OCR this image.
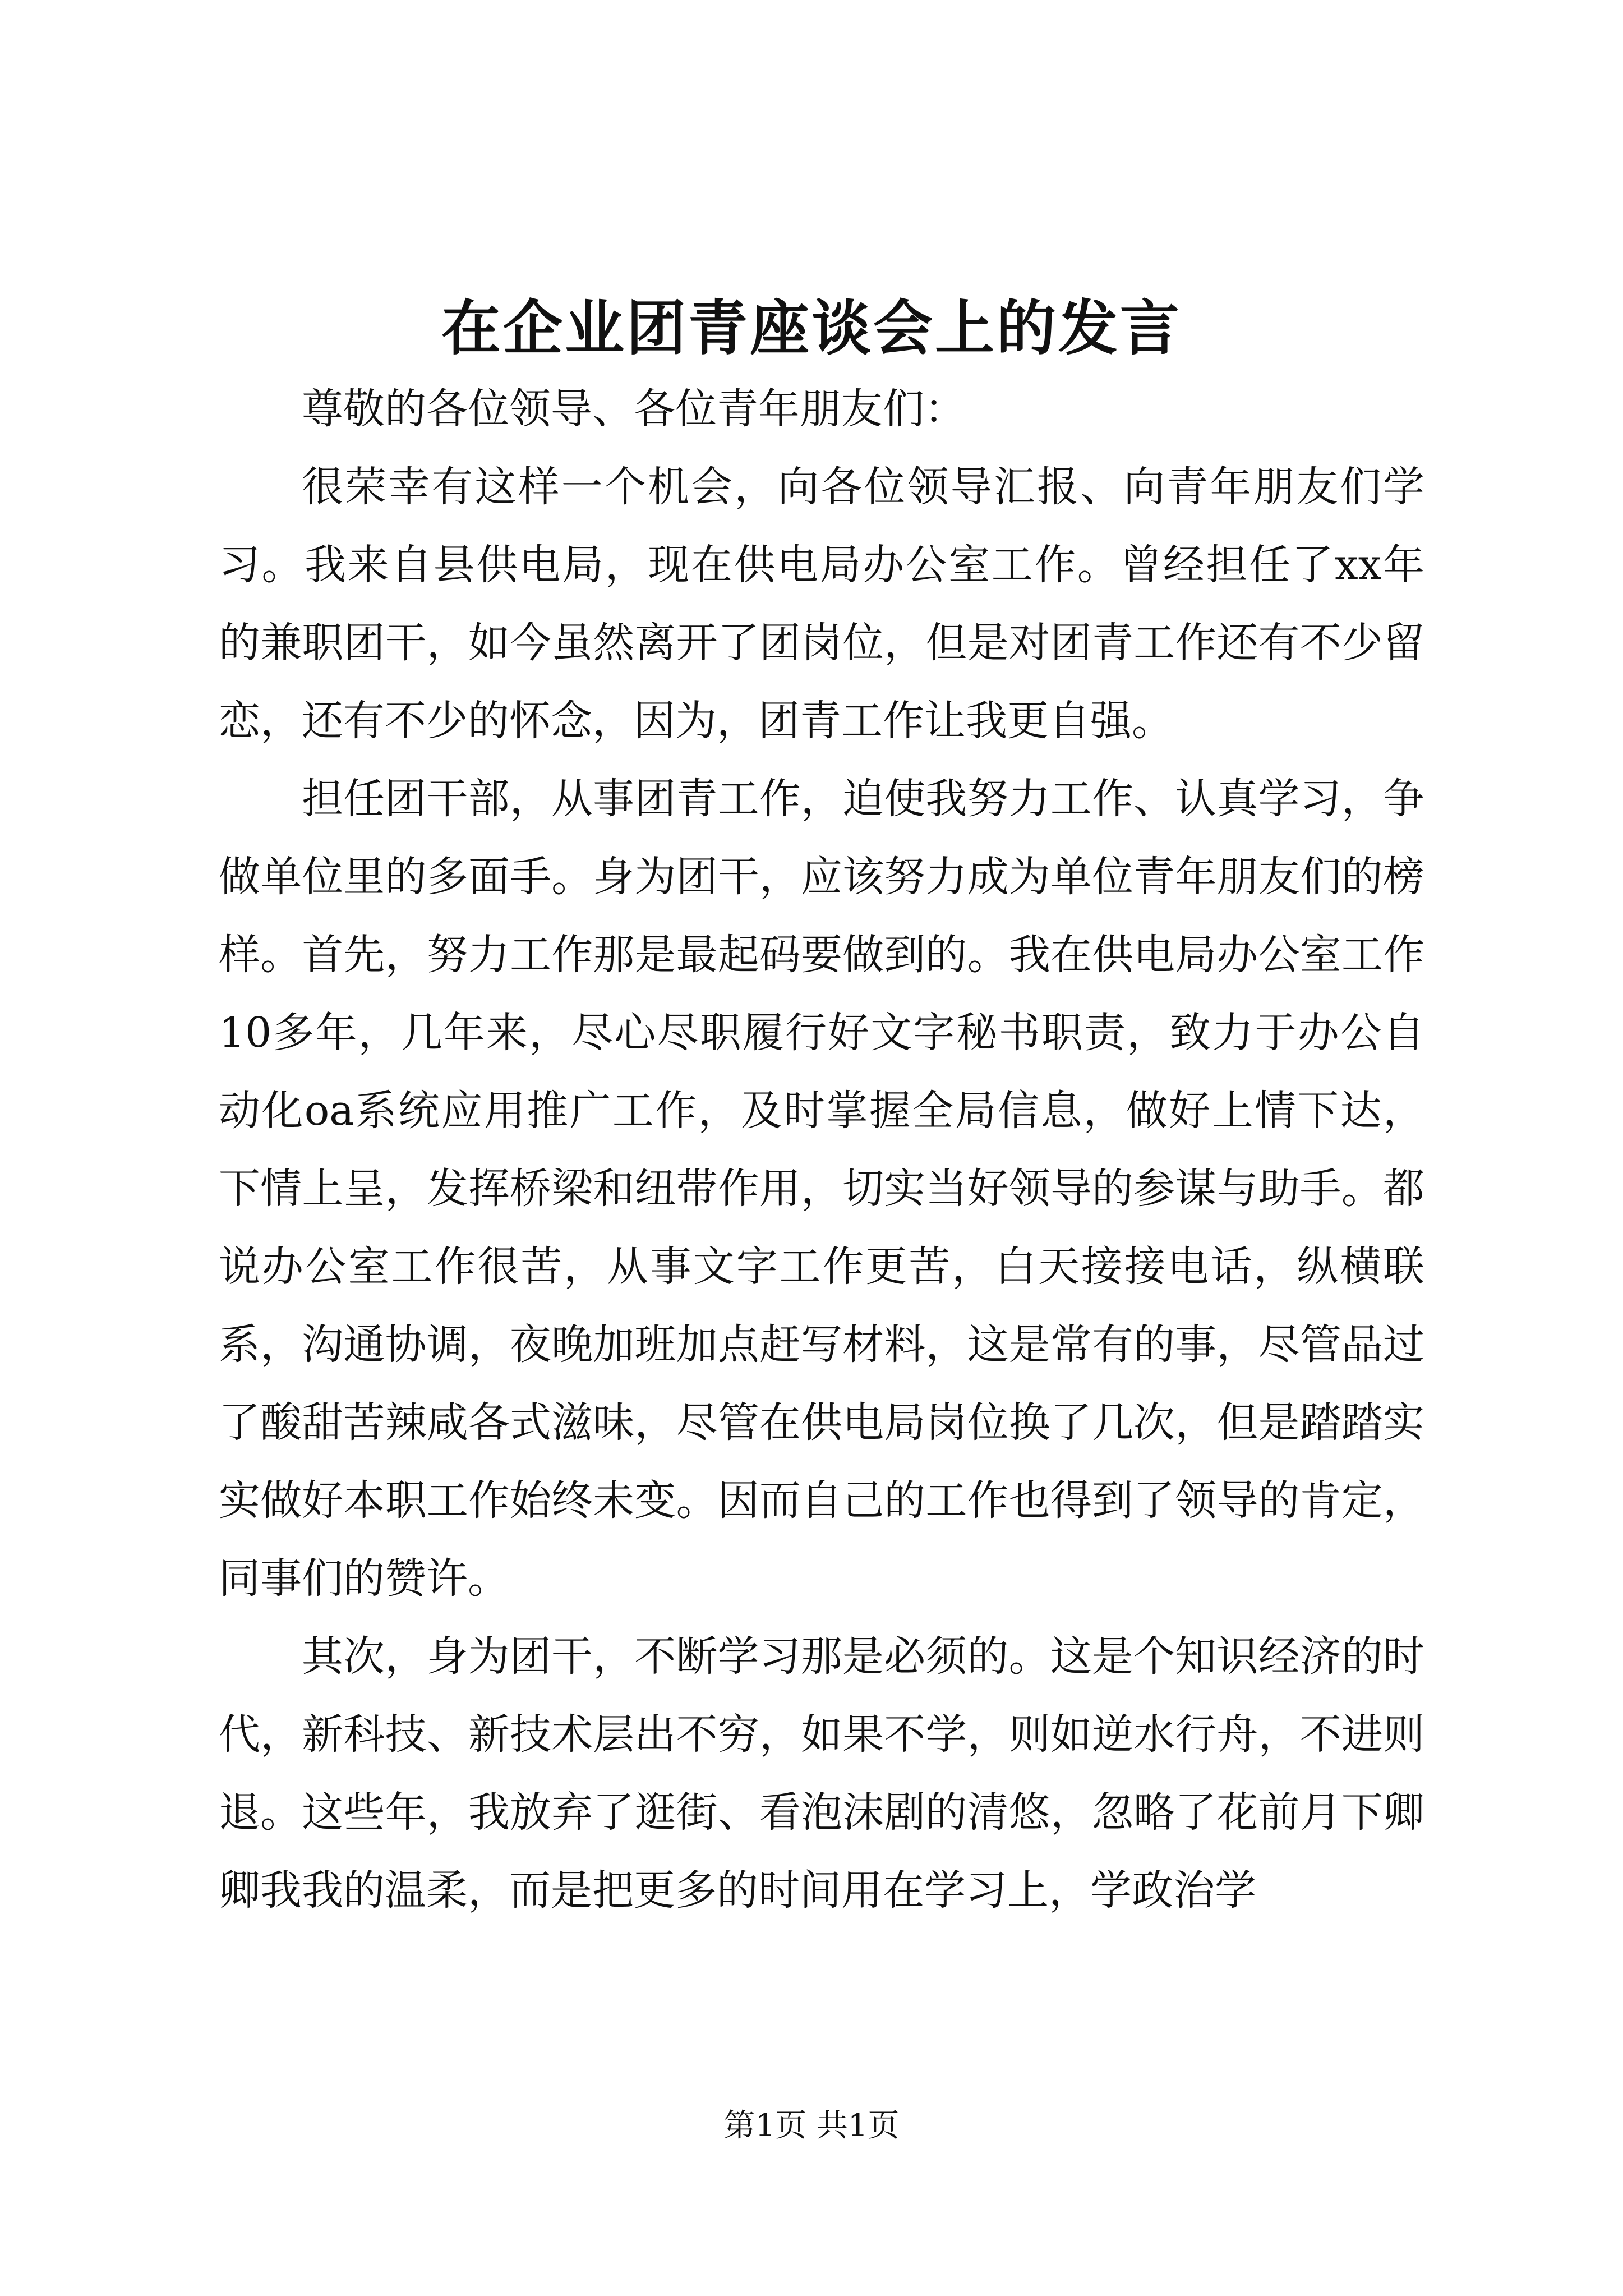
在企业团青座谈会上的发言

尊敬的各位领导、各位青年朋友们：

很荣幸有这样一个机会，向各位领导汇报、向青年朋友们学习。我来自县供电局，现在供电局办公室工作。曾经担任了xx年的兼职团干，如今虽然离开了团岗位，但是对团青工作还有不少留恋，还有不少的怀念，因为，团青工作让我更自强。

担任团干部，从事团青工作，迫使我努力工作、认真学习，争做单位里的多面手。身为团干，应该努力成为单位青年朋友们的榜样。首先，努力工作那是最起码要做到的。我在供电局办公室工作10多年，几年来，尽心尽职履行好文字秘书职责，致力于办公自动化oa系统应用推广工作，及时掌握全局信息，做好上情下达，下情上呈，发挥桥梁和纽带作用，切实当好领导的参谋与助手。都说办公室工作很苦，从事文字工作更苦，白天接接电话，纵横联系，沟通协调，夜晚加班加点赶写材料，这是常有的事，尽管品过了酸甜苦辣咸各式滋味，尽管在供电局岗位换了几次，但是踏踏实实做好本职工作始终未变。因而自己的工作也得到了领导的肯定，同事们的赞许。

其次，身为团干，不断学习那是必须的。这是个知识经济的时代，新科技、新技术层出不穷，如果不学，则如逆水行舟，不进则退。这些年，我放弃了逛街、看泡沫剧的清悠，忽略了花前月下卿卿我我的温柔，而是把更多的时间用在学习上，学政治学

第1页 共1页
